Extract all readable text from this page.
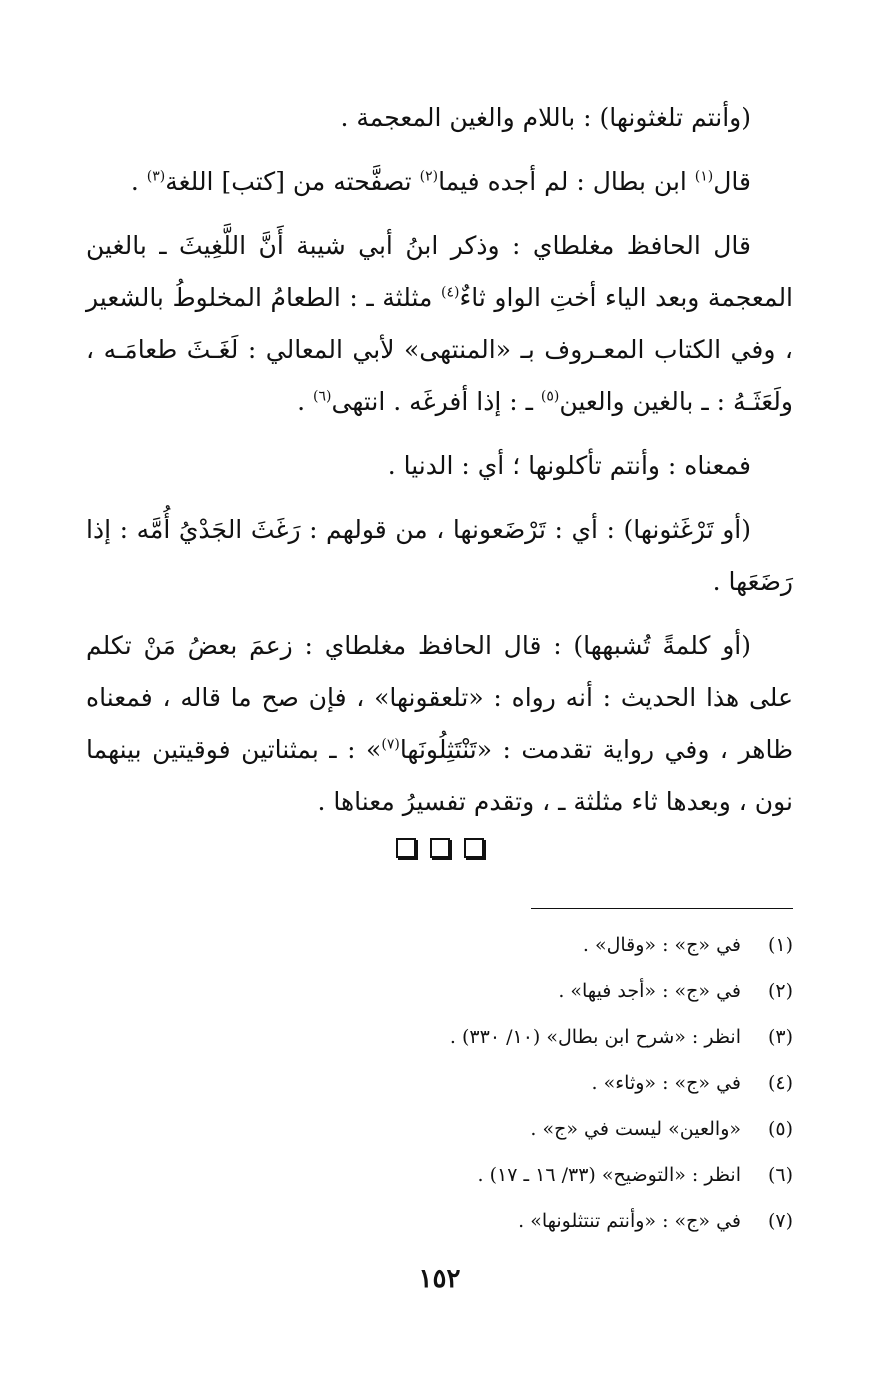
(وأنتم تلغثونها) : باللام والغين المعجمة .

قال$^{(١)}$ ابن بطال : لم أجده فيما$^{(٢)}$ تصفَّحته من [كتب] اللغة$^{(٣)}$ .

قال الحافظ مغلطاي : وذكر ابنُ أبي شيبة أَنَّ اللَّغِيثَ ـ بالغين المعجمة وبعد الياء أختِ الواو ثاءٌ$^{(٤)}$ مثلثة ـ : الطعامُ المخلوطُ بالشعير ، وفي الكتاب المعـروف بـ «المنتهى» لأبي المعالي : لَغَـثَ طعامَـه ، ولَعَثَـهُ : ـ بالغين والعين$^{(٥)}$ ـ : إذا أفرغَه . انتهى$^{(٦)}$ .

فمعناه : وأنتم تأكلونها ؛ أي : الدنيا .

(أو تَرْغَثونها) : أي : تَرْضَعونها ، من قولهم : رَغَثَ الجَدْيُ أُمَّه : إذا رَضَعَها .

(أو كلمةً تُشبهها) : قال الحافظ مغلطاي : زعمَ بعضُ مَنْ تكلم على هذا الحديث : أنه رواه : «تلعقونها» ، فإن صح ما قاله ، فمعناه ظاهر ، وفي رواية تقدمت : «تَنْتَثِلُونَها$^{(٧)}$» : ـ بمثناتين فوقيتين بينهما نون ، وبعدها ثاء مثلثة ـ ، وتقدم تفسيرُ معناها .

(١)
في «ج» : «وقال» .
(٢)
في «ج» : «أجد فيها» .
(٣)
انظر : «شرح ابن بطال» (١٠/ ٣٣٠) .
(٤)
في «ج» : «وثاء» .
(٥)
«والعين» ليست في «ج» .
(٦)
انظر : «التوضيح» (٣٣/ ١٦ ـ ١٧) .
(٧)
في «ج» : «وأنتم تنتثلونها» .
١٥٢
